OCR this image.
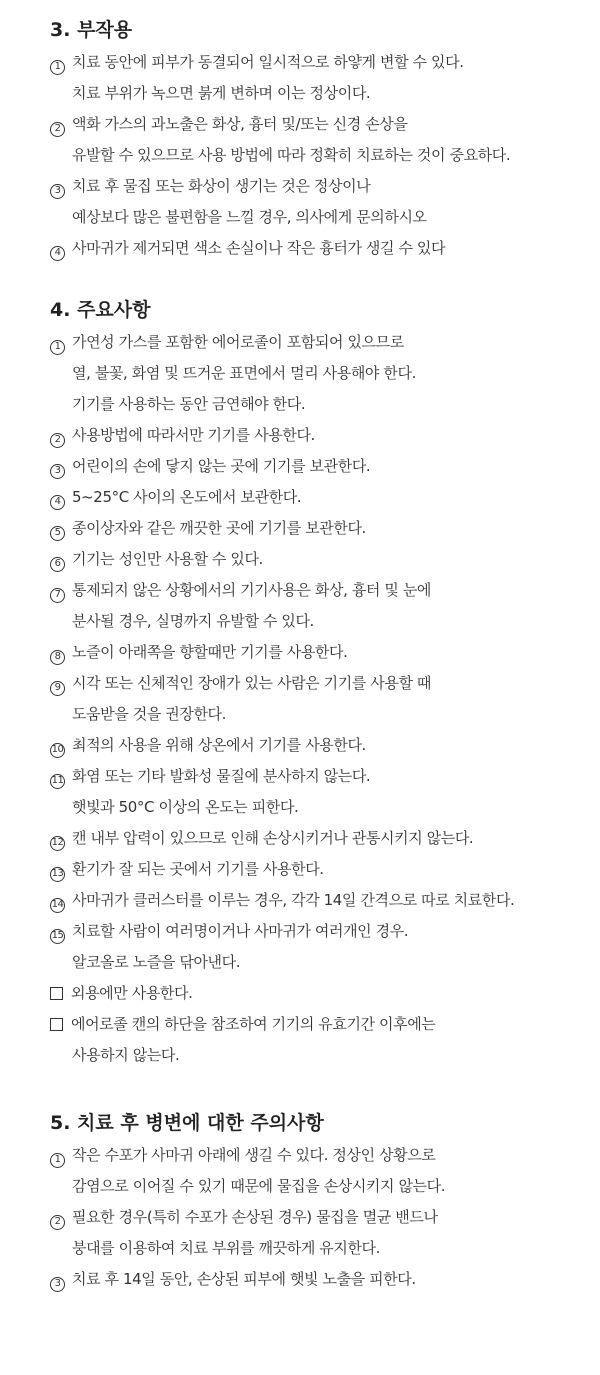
3. 부작용
1 치료 동안에 피부가 동결되어 일시적으로 하얗게 변할 수 있다.
치료 부위가 녹으면 붉게 변하며 이는 정상이다.
2 액화 가스의 과노출은 화상, 흉터 및/또는 신경 손상을
유발할 수 있으므로 사용 방법에 따라 정확히 치료하는 것이 중요하다.
3 치료 후 물집 또는 화상이 생기는 것은 정상이나
예상보다 많은 불편함을 느낄 경우, 의사에게 문의하시오
4 사마귀가 제거되면 색소 손실이나 작은 흉터가 생길 수 있다
4. 주요사항
1 가연성 가스를 포함한 에어로졸이 포함되어 있으므로
열, 불꽃, 화염 및 뜨거운 표면에서 멀리 사용해야 한다.
기기를 사용하는 동안 금연해야 한다.
2 사용방법에 따라서만 기기를 사용한다.
3 어린이의 손에 닿지 않는 곳에 기기를 보관한다.
4 5~25°C 사이의 온도에서 보관한다.
5 종이상자와 같은 깨끗한 곳에 기기를 보관한다.
6 기기는 성인만 사용할 수 있다.
7 통제되지 않은 상황에서의 기기사용은 화상, 흉터 및 눈에
분사될 경우, 실명까지 유발할 수 있다.
8 노즐이 아래쪽을 향할때만 기기를 사용한다.
9 시각 또는 신체적인 장애가 있는 사람은 기기를 사용할 때
도움받을 것을 권장한다.
10 최적의 사용을 위해 상온에서 기기를 사용한다.
11 화염 또는 기타 발화성 물질에 분사하지 않는다.
햇빛과 50°C 이상의 온도는 피한다.
12 캔 내부 압력이 있으므로 인해 손상시키거나 관통시키지 않는다.
13 환기가 잘 되는 곳에서 기기를 사용한다.
14 사마귀가 클러스터를 이루는 경우, 각각 14일 간격으로 따로 치료한다.
15 치료할 사람이 여러명이거나 사마귀가 여러개인 경우.
알코올로 노즐을 닦아낸다.
외용에만 사용한다.
에어로졸 캔의 하단을 참조하여 기기의 유효기간 이후에는
사용하지 않는다.
5. 치료 후 병변에 대한 주의사항
1 작은 수포가 사마귀 아래에 생길 수 있다. 정상인 상황으로
감염으로 이어질 수 있기 때문에 물집을 손상시키지 않는다.
2 필요한 경우(특히 수포가 손상된 경우) 물집을 멸균 밴드나
붕대를 이용하여 치료 부위를 깨끗하게 유지한다.
3 치료 후 14일 동안, 손상된 피부에 햇빛 노출을 피한다.
